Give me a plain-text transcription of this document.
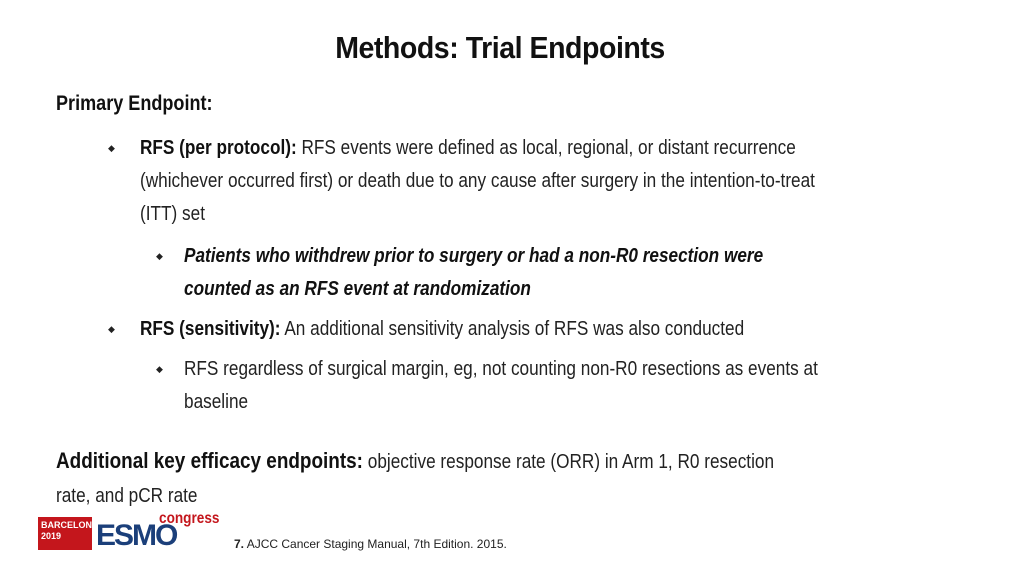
Methods: Trial Endpoints
Primary Endpoint:
◆	RFS (per protocol): RFS events were defined as local, regional, or distant recurrence
(whichever occurred first) or death due to any cause after surgery in the intention-to-treat
(ITT) set
◆	Patients who withdrew prior to surgery or had a non-R0 resection were
counted as an RFS event at randomization
◆	RFS (sensitivity): An additional sensitivity analysis of RFS was also conducted
◆	RFS regardless of surgical margin, eg, not counting non-R0 resections as events at
baseline
Additional key efficacy endpoints: objective response rate (ORR) in Arm 1, R0 resection
rate, and pCR rate
BARCELONA
2019	ESMO
congress
7. AJCC Cancer Staging Manual, 7th Edition. 2015.
